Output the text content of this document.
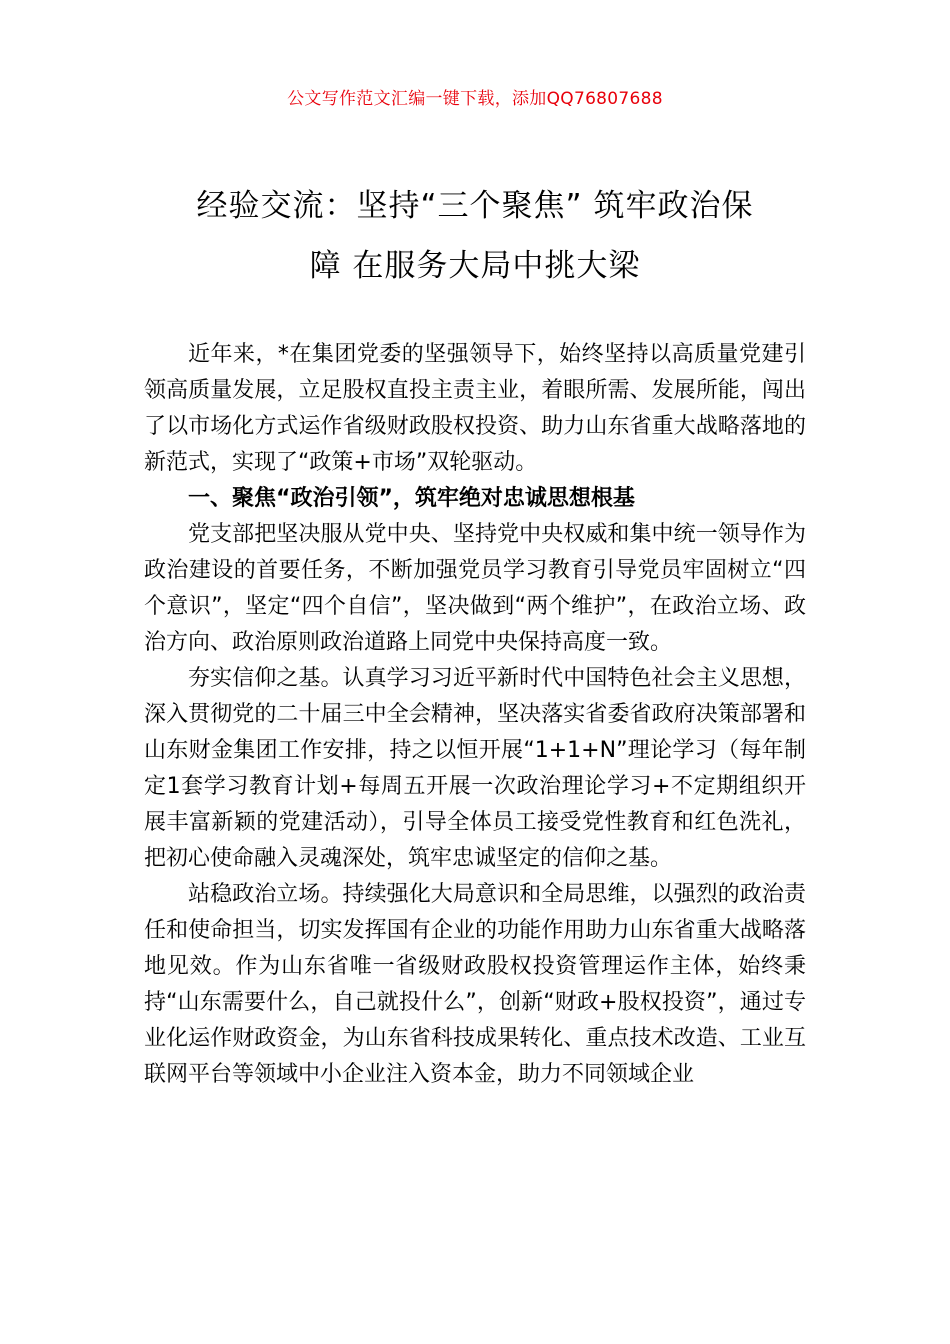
公文写作范文汇编一键下载，添加QQ76807688
经验交流：坚持“三个聚焦” 筑牢政治保
障 在服务大局中挑大梁

近年来，*在集团党委的坚强领导下，始终坚持以高质量党建引领高质量发展，立足股权直投主责主业，着眼所需、发展所能，闯出了以市场化方式运作省级财政股权投资、助力山东省重大战略落地的新范式，实现了“政策+市场”双轮驱动。

一、聚焦“政治引领”，筑牢绝对忠诚思想根基

党支部把坚决服从党中央、坚持党中央权威和集中统一领导作为政治建设的首要任务，不断加强党员学习教育引导党员牢固树立“四个意识”，坚定“四个自信”，坚决做到“两个维护”，在政治立场、政治方向、政治原则政治道路上同党中央保持高度一致。

夯实信仰之基。认真学习习近平新时代中国特色社会主义思想，深入贯彻党的二十届三中全会精神，坚决落实省委省政府决策部署和山东财金集团工作安排，持之以恒开展“1+1+N”理论学习（每年制定1套学习教育计划+每周五开展一次政治理论学习+不定期组织开展丰富新颖的党建活动），引导全体员工接受党性教育和红色洗礼，把初心使命融入灵魂深处，筑牢忠诚坚定的信仰之基。

站稳政治立场。持续强化大局意识和全局思维，以强烈的政治责任和使命担当，切实发挥国有企业的功能作用助力山东省重大战略落地见效。作为山东省唯一省级财政股权投资管理运作主体，始终秉持“山东需要什么，自己就投什么”，创新“财政+股权投资”，通过专业化运作财政资金，为山东省科技成果转化、重点技术改造、工业互联网平台等领域中小企业注入资本金，助力不同领域企业
